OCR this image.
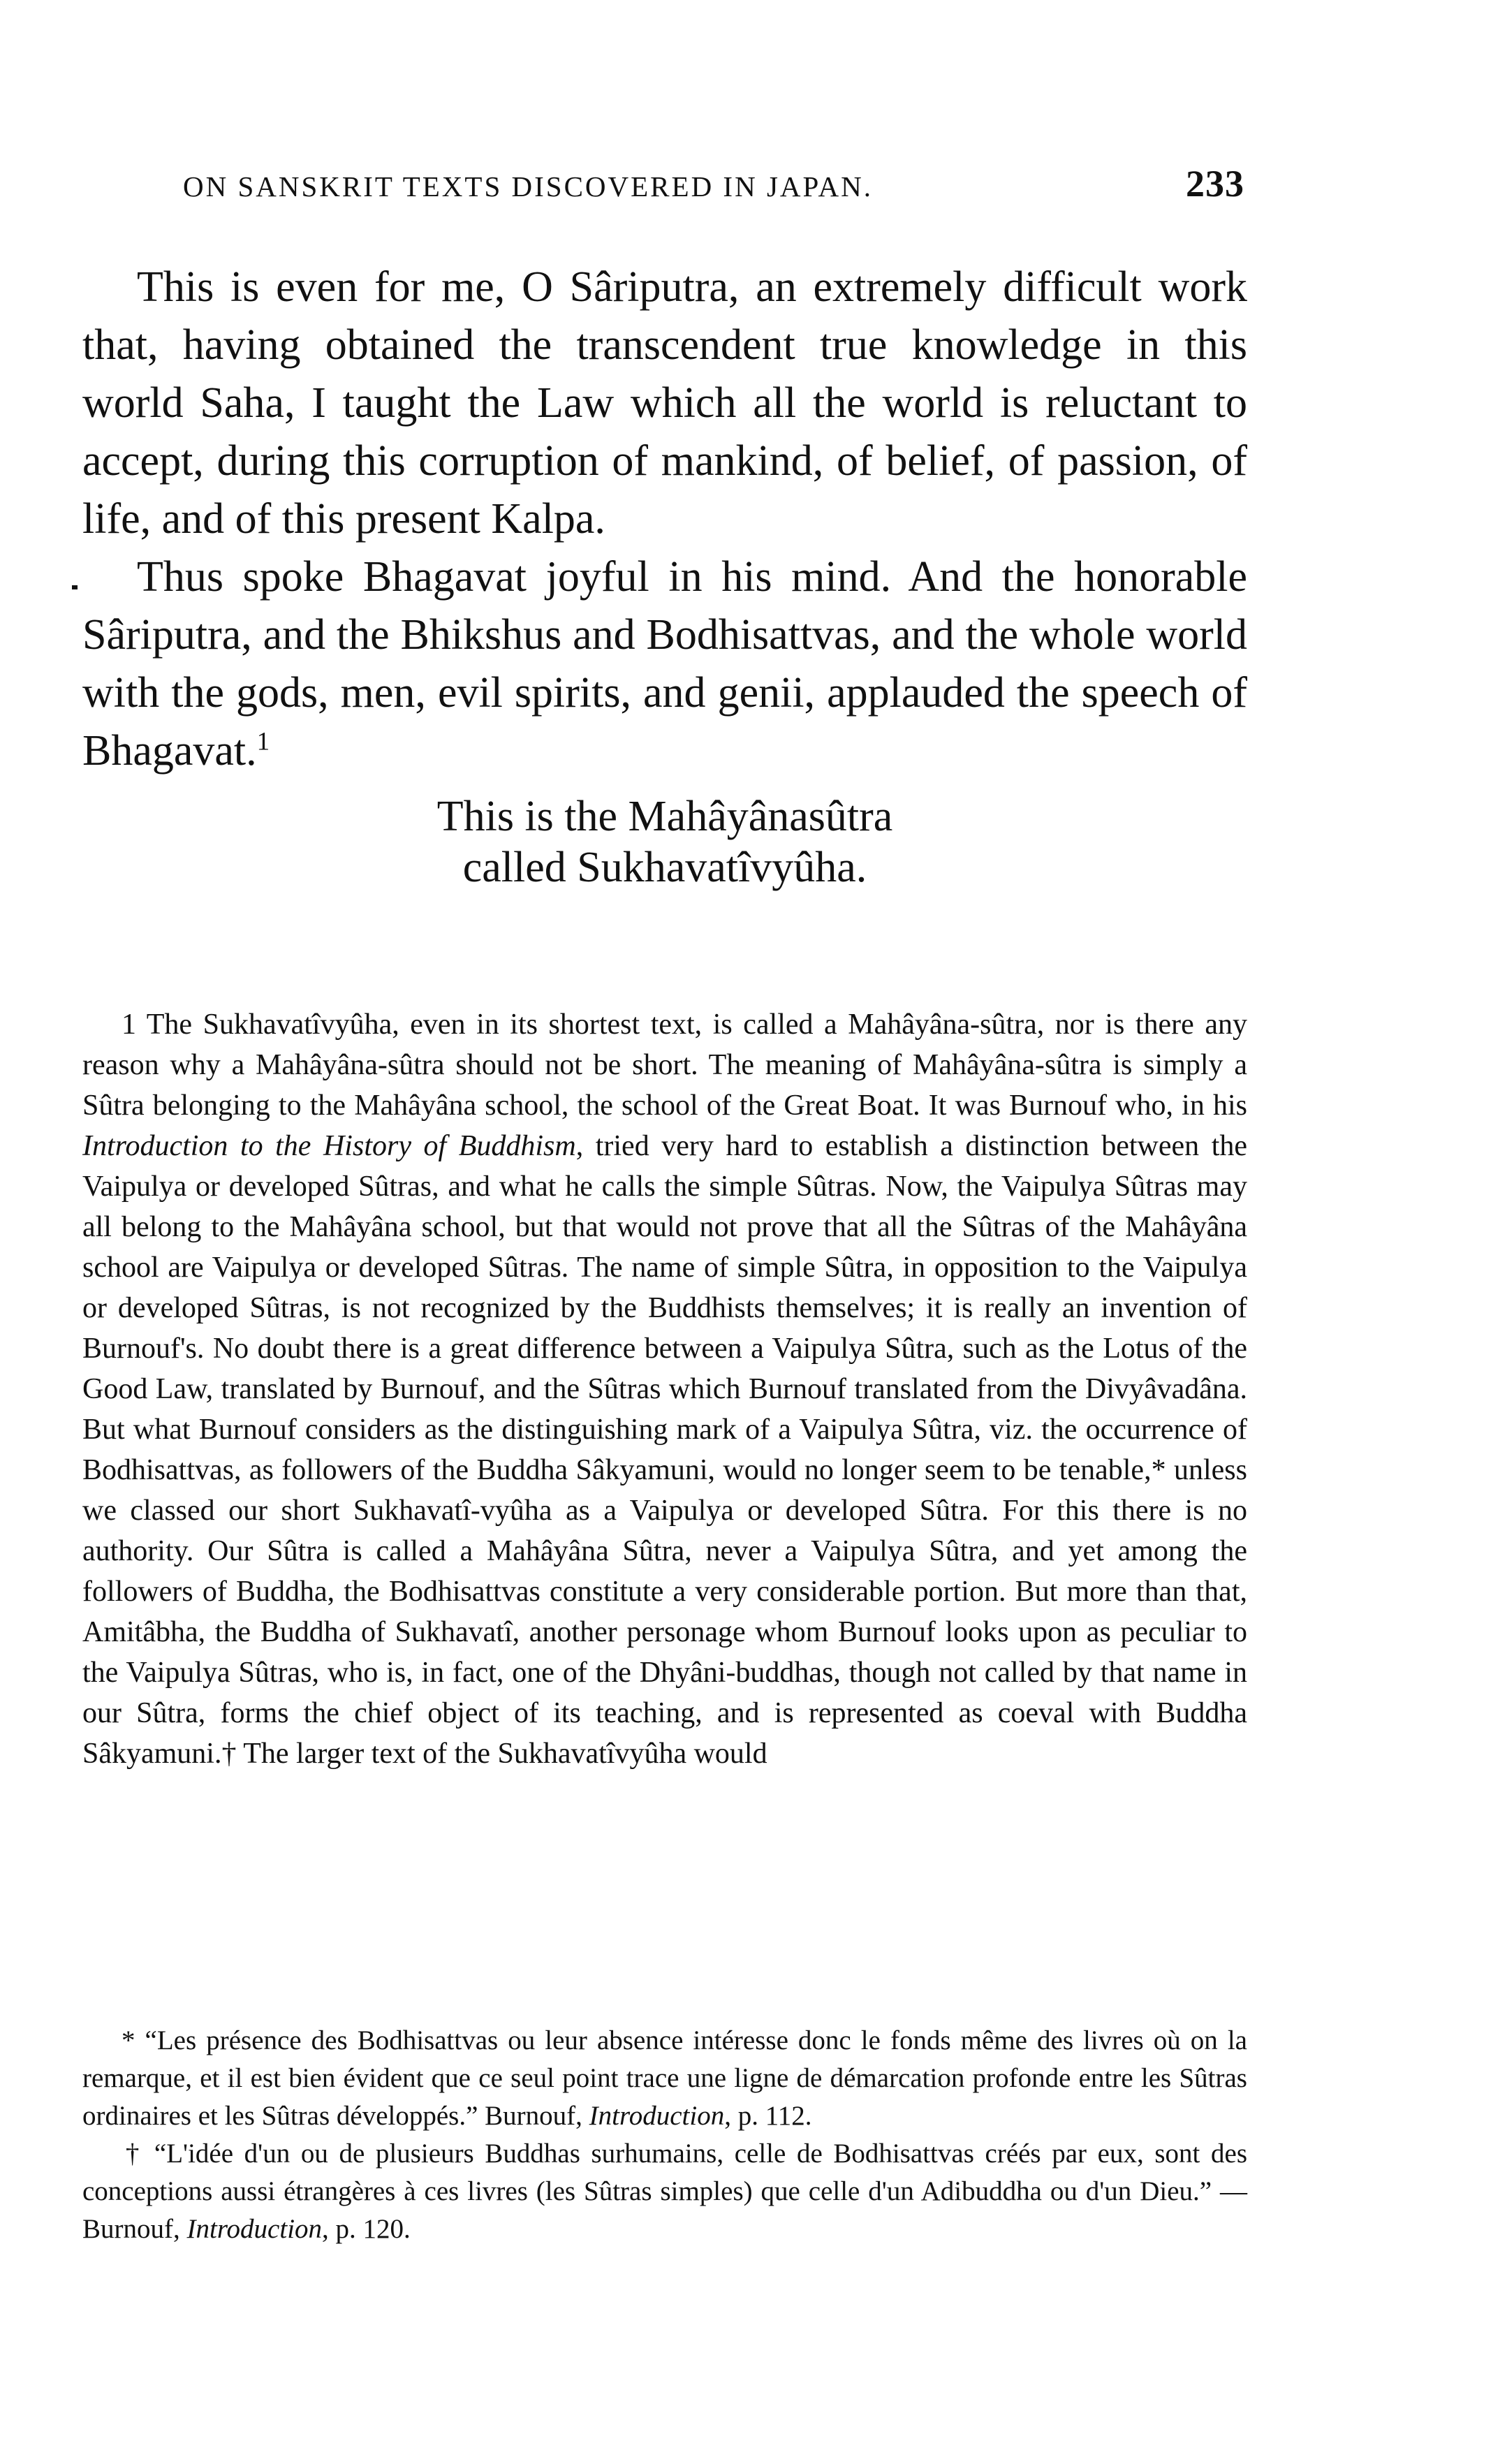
ON SANSKRIT TEXTS DISCOVERED IN JAPAN.	233

This is even for me, O Sâriputra, an extremely difficult work that, having obtained the transcendent true knowledge in this world Saha, I taught the Law which all the world is reluctant to accept, during this corruption of mankind, of belief, of passion, of life, and of this present Kalpa.

Thus spoke Bhagavat joyful in his mind. And the honorable Sâriputra, and the Bhikshus and Bodhisattvas, and the whole world with the gods, men, evil spirits, and genii, applauded the speech of Bhagavat.$^1$

This is the Mahâyânasûtra
called Sukhavatîvyûha.

1 The Sukhavatîvyûha, even in its shortest text, is called a Mahâyâna-sûtra, nor is there any reason why a Mahâyâna-sûtra should not be short. The meaning of Mahâyâna-sûtra is simply a Sûtra belonging to the Mahâyâna school, the school of the Great Boat. It was Burnouf who, in his Introduction to the History of Buddhism, tried very hard to establish a distinction between the Vaipulya or developed Sûtras, and what he calls the simple Sûtras. Now, the Vaipulya Sûtras may all belong to the Mahâyâna school, but that would not prove that all the Sûtras of the Mahâyâna school are Vaipulya or developed Sûtras. The name of simple Sûtra, in opposition to the Vaipulya or developed Sûtras, is not recognized by the Buddhists themselves; it is really an invention of Burnouf's. No doubt there is a great difference between a Vaipulya Sûtra, such as the Lotus of the Good Law, translated by Burnouf, and the Sûtras which Burnouf translated from the Divyâvadâna. But what Burnouf considers as the distinguishing mark of a Vaipulya Sûtra, viz. the occurrence of Bodhisattvas, as followers of the Buddha Sâkyamuni, would no longer seem to be tenable,* unless we classed our short Sukhavatî-vyûha as a Vaipulya or developed Sûtra. For this there is no authority. Our Sûtra is called a Mahâyâna Sûtra, never a Vaipulya Sûtra, and yet among the followers of Buddha, the Bodhisattvas constitute a very considerable portion. But more than that, Amitâbha, the Buddha of Sukhavatî, another personage whom Burnouf looks upon as peculiar to the Vaipulya Sûtras, who is, in fact, one of the Dhyâni-buddhas, though not called by that name in our Sûtra, forms the chief object of its teaching, and is represented as coeval with Buddha Sâkyamuni.† The larger text of the Sukhavatîvyûha would

* “Les présence des Bodhisattvas ou leur absence intéresse donc le fonds même des livres où on la remarque, et il est bien évident que ce seul point trace une ligne de démarcation profonde entre les Sûtras ordinaires et les Sûtras développés.” Burnouf, Introduction, p. 112.

† “L'idée d'un ou de plusieurs Buddhas surhumains, celle de Bodhisattvas créés par eux, sont des conceptions aussi étrangères à ces livres (les Sûtras simples) que celle d'un Adibuddha ou d'un Dieu.” — Burnouf, Introduction, p. 120.
